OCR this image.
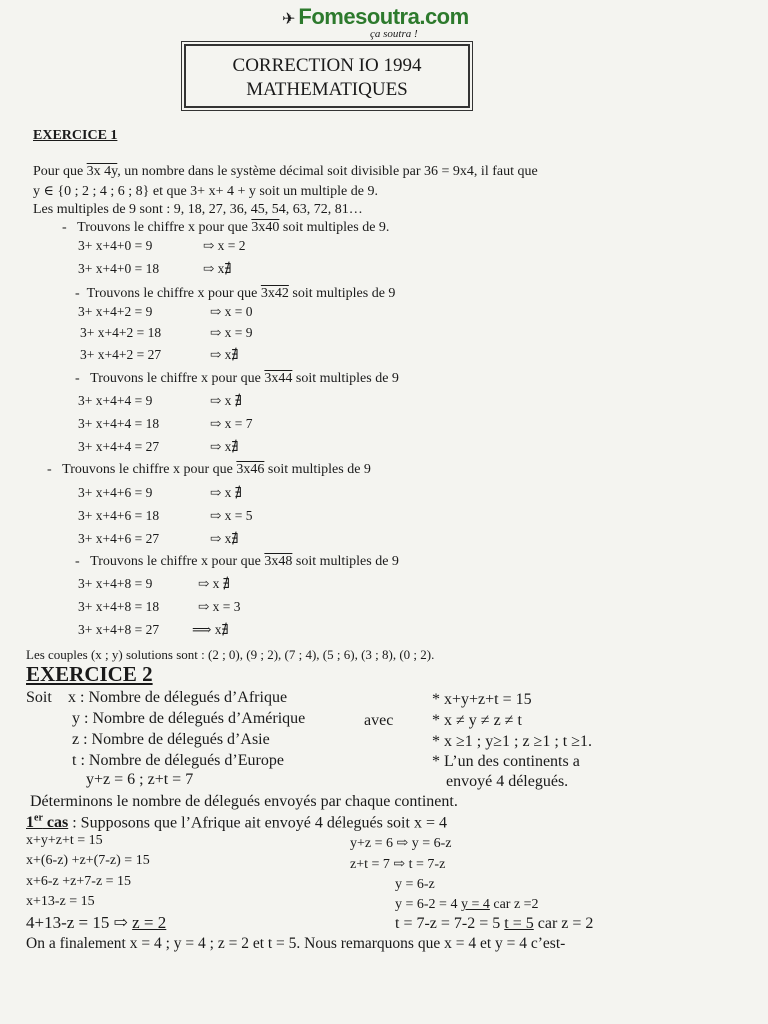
✈ Fomesoutra.com
ça soutra !
CORRECTION IO 1994
MATHEMATIQUES
EXERCICE 1
Pour que 3x 4y, un nombre dans le système décimal soit divisible par 36 = 9x4, il faut que
y ∈ {0 ; 2 ; 4 ; 6 ; 8} et que 3+ x+ 4 + y soit un multiple de 9.
Les multiples de 9 sont : 9, 18, 27, 36, 45, 54, 63, 72, 81…
-   Trouvons le chiffre x pour que 3x40 soit multiples de 9.
3+ x+4+0 = 9	⇨ x = 2
3+ x+4+0 = 18	⇨ x∄
-  Trouvons le chiffre x pour que 3x42 soit multiples de 9
3+ x+4+2 = 9	⇨ x = 0
3+ x+4+2 = 18	⇨ x = 9
3+ x+4+2 = 27	⇨ x∄
-   Trouvons le chiffre x pour que 3x44 soit multiples de 9
3+ x+4+4 = 9	⇨ x ∄
3+ x+4+4 = 18	⇨ x = 7
3+ x+4+4 = 27	⇨ x∄
-   Trouvons le chiffre x pour que 3x46 soit multiples de 9
3+ x+4+6 = 9	⇨ x ∄
3+ x+4+6 = 18	⇨ x = 5
3+ x+4+6 = 27	⇨ x∄
-   Trouvons le chiffre x pour que 3x48 soit multiples de 9
3+ x+4+8 = 9	⇨ x ∄
3+ x+4+8 = 18	⇨ x = 3
3+ x+4+8 = 27 ⟹ x∄
Les couples (x ; y) solutions sont : (2 ; 0), (9 ; 2), (7 ; 4), (5 ; 6), (3 ; 8), (0 ; 2).
EXERCICE 2
Soit x : Nombre de délegués d’Afrique
y : Nombre de délegués d’Amérique	avec
z : Nombre de délegués d’Asie
t : Nombre de délegués d’Europe
y+z = 6 ; z+t = 7
* x+y+z+t = 15
* x ≠ y ≠ z ≠ t
* x ≥1 ; y≥1 ; z ≥1 ; t ≥1.
* L’un des continents a
envoyé 4 délegués.
Déterminons le nombre de délegués envoyés par chaque continent.
1er cas : Supposons que l’Afrique ait envoyé 4 délegués soit x = 4
x+y+z+t = 15
x+(6-z) +z+(7-z) = 15
x+6-z +z+7-z = 15
x+13-z = 15
4+13-z = 15 ⇨ z = 2
y+z = 6 ⇨ y = 6-z
z+t = 7 ⇨ t = 7-z
y = 6-z
y = 6-2 = 4 y = 4 car z =2
t = 7-z = 7-2 = 5 t = 5 car z = 2
On a finalement x = 4 ; y = 4 ; z = 2 et t = 5. Nous remarquons que x = 4 et y = 4 c’est-
